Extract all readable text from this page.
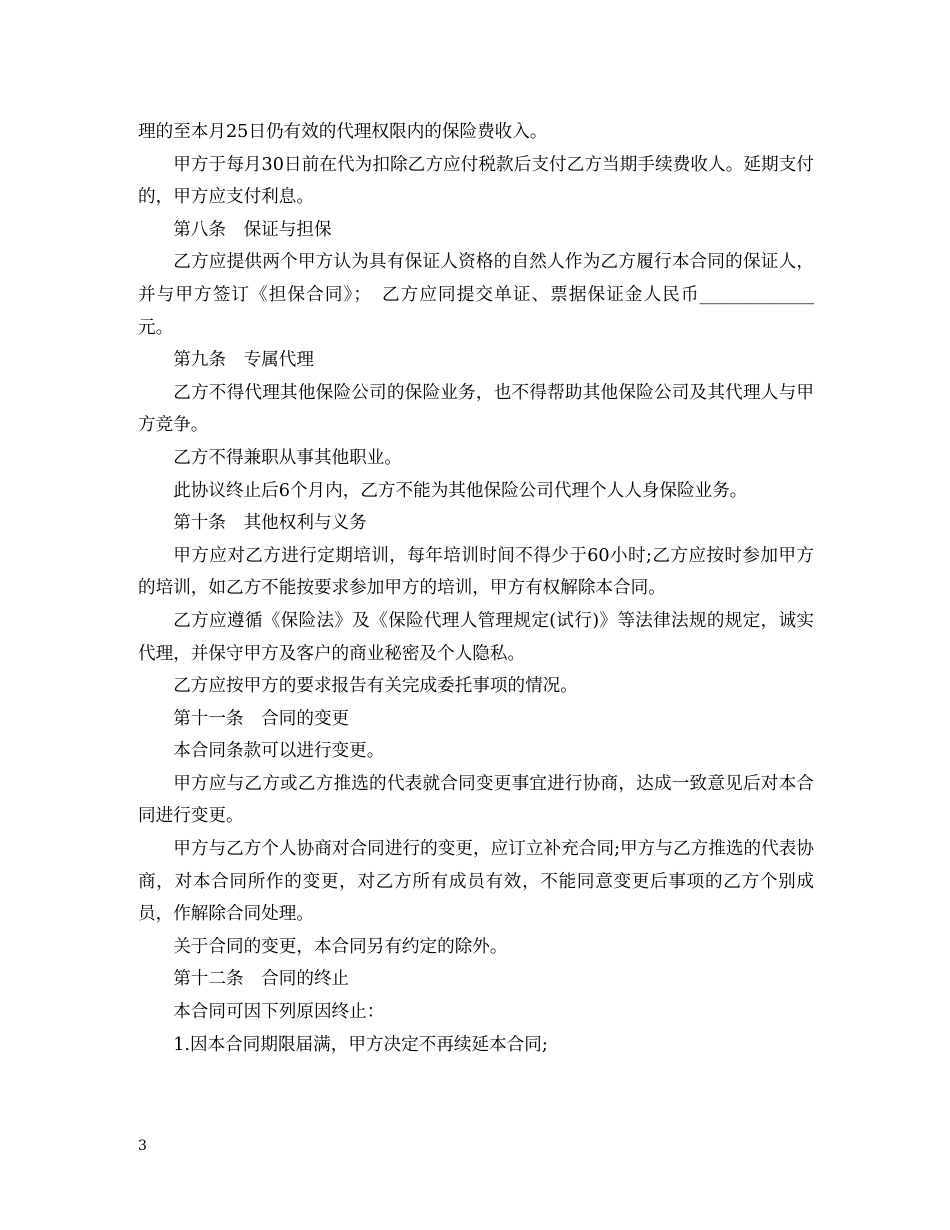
理的至本月25日仍有效的代理权限内的保险费收入。

甲方于每月30日前在代为扣除乙方应付税款后支付乙方当期手续费收人。延期支付的，甲方应支付利息。

第八条　保证与担保

乙方应提供两个甲方认为具有保证人资格的自然人作为乙方履行本合同的保证人，并与甲方签订《担保合同》；　乙方应同提交单证、票据保证金人民币_____________元。

第九条　专属代理

乙方不得代理其他保险公司的保险业务，也不得帮助其他保险公司及其代理人与甲方竞争。

乙方不得兼职从事其他职业。

此协议终止后6个月内，乙方不能为其他保险公司代理个人人身保险业务。

第十条　其他权利与义务

甲方应对乙方进行定期培训，每年培训时间不得少于60小时;乙方应按时参加甲方的培训，如乙方不能按要求参加甲方的培训，甲方有权解除本合同。

乙方应遵循《保险法》及《保险代理人管理规定(试行)》等法律法规的规定，诚实代理，并保守甲方及客户的商业秘密及个人隐私。

乙方应按甲方的要求报告有关完成委托事项的情况。

第十一条　合同的变更

本合同条款可以进行变更。

甲方应与乙方或乙方推选的代表就合同变更事宜进行协商，达成一致意见后对本合同进行变更。

甲方与乙方个人协商对合同进行的变更，应订立补充合同;甲方与乙方推选的代表协商，对本合同所作的变更，对乙方所有成员有效，不能同意变更后事项的乙方个别成员，作解除合同处理。

关于合同的变更，本合同另有约定的除外。

第十二条　合同的终止

本合同可因下列原因终止：

1.因本合同期限届满，甲方决定不再续延本合同;

3
